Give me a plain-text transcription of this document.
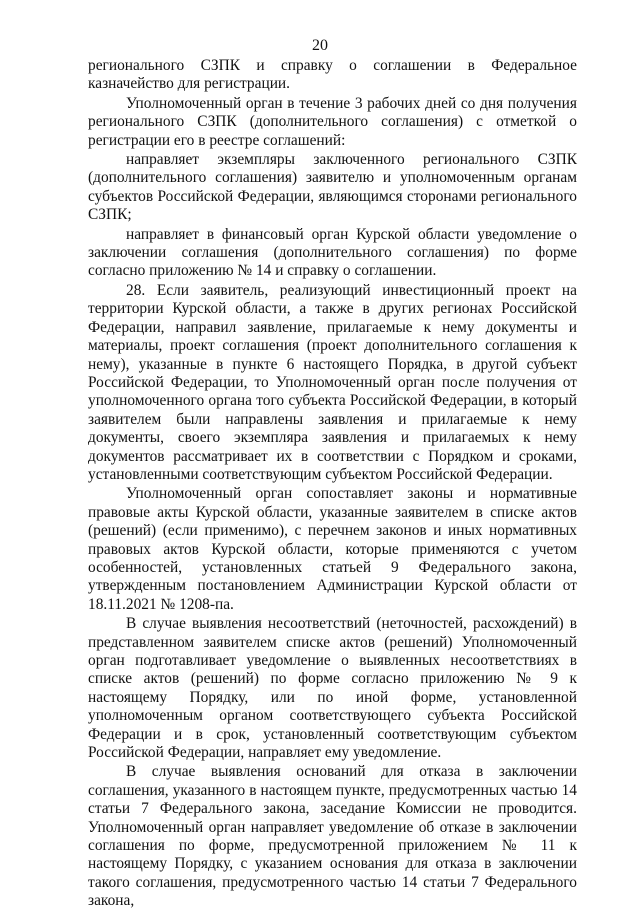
20

регионального СЗПК и справку о соглашении в Федеральное казначейство для регистрации.

Уполномоченный орган в течение 3 рабочих дней со дня получения регионального СЗПК (дополнительного соглашения) с отметкой о регистрации его в реестре соглашений:

направляет экземпляры заключенного регионального СЗПК (дополнительного соглашения) заявителю и уполномоченным органам субъектов Российской Федерации, являющимся сторонами регионального СЗПК;

направляет в финансовый орган Курской области уведомление о заключении соглашения (дополнительного соглашения) по форме согласно приложению № 14 и справку о соглашении.

28. Если заявитель, реализующий инвестиционный проект на территории Курской области, а также в других регионах Российской Федерации, направил заявление, прилагаемые к нему документы и материалы, проект соглашения (проект дополнительного соглашения к нему), указанные в пункте 6 настоящего Порядка, в другой субъект Российской Федерации, то Уполномоченный орган после получения от уполномоченного органа того субъекта Российской Федерации, в который заявителем были направлены заявления и прилагаемые к нему документы, своего экземпляра заявления и прилагаемых к нему документов рассматривает их в соответствии с Порядком и сроками, установленными соответствующим субъектом Российской Федерации.

Уполномоченный орган сопоставляет законы и нормативные правовые акты Курской области, указанные заявителем в списке актов (решений) (если применимо), с перечнем законов и иных нормативных правовых актов Курской области, которые применяются с учетом особенностей, установленных статьей 9 Федерального закона, утвержденным постановлением Администрации Курской области от 18.11.2021 № 1208-па.

В случае выявления несоответствий (неточностей, расхождений) в представленном заявителем списке актов (решений) Уполномоченный орган подготавливает уведомление о выявленных несоответствиях в списке актов (решений) по форме согласно приложению № 9 к настоящему Порядку, или по иной форме, установленной уполномоченным органом соответствующего субъекта Российской Федерации и в срок, установленный соответствующим субъектом Российской Федерации, направляет ему уведомление.

В случае выявления оснований для отказа в заключении соглашения, указанного в настоящем пункте, предусмотренных частью 14 статьи 7 Федерального закона, заседание Комиссии не проводится. Уполномоченный орган направляет уведомление об отказе в заключении соглашения по форме, предусмотренной приложением № 11 к настоящему Порядку, с указанием основания для отказа в заключении такого соглашения, предусмотренного частью 14 статьи 7 Федерального закона,
